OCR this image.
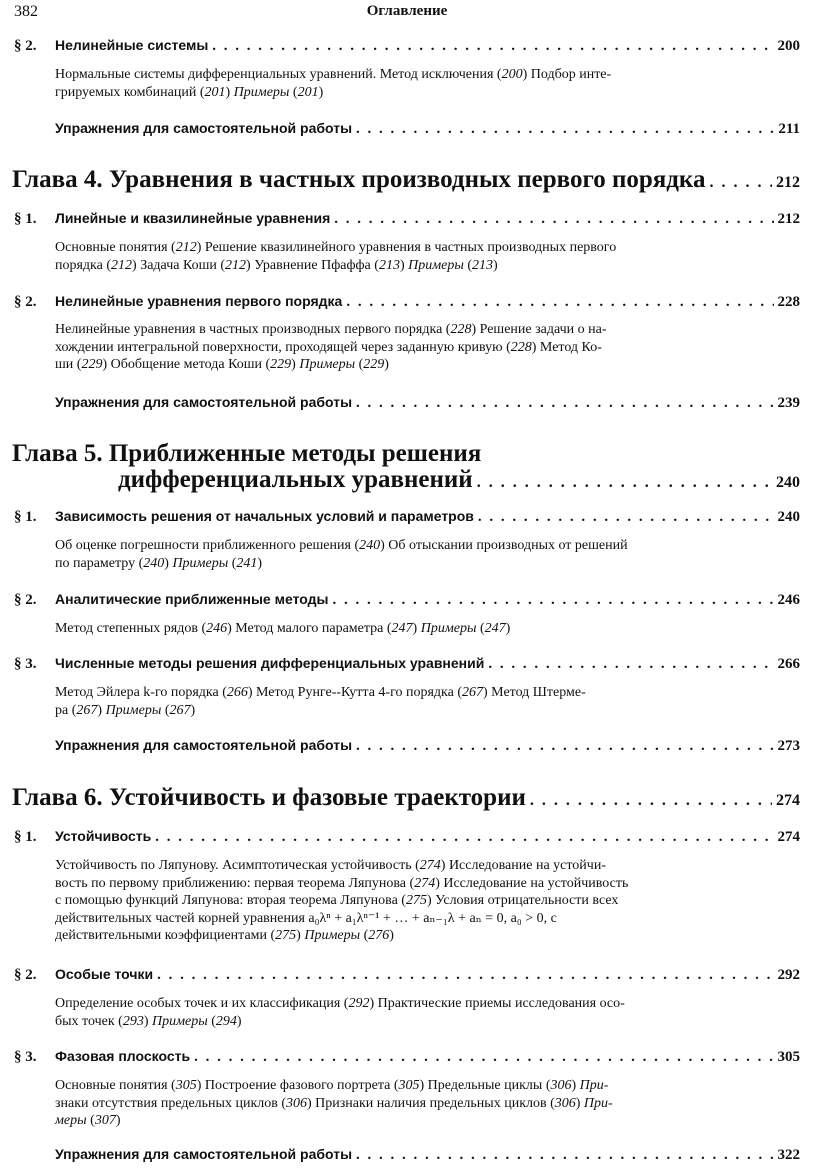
382	Оглавление
§ 2.	Нелинейные системы . . .	200
Нормальные системы дифференциальных уравнений. Метод исключения (200) Подбор инте-
грируемых комбинаций (201) Примеры (201)
Упражнения для самостоятельной работы . . .	211
Глава 4. Уравнения в частных производных первого порядка . . .	212
§ 1.	Линейные и квазилинейные уравнения . . .	212
Основные понятия (212) Решение квазилинейного уравнения в частных производных первого
порядка (212) Задача Коши (212) Уравнение Пфаффа (213) Примеры (213)
§ 2.	Нелинейные уравнения первого порядка . . .	228
Нелинейные уравнения в частных производных первого порядка (228) Решение задачи о на-
хождении интегральной поверхности, проходящей через заданную кривую (228) Метод Ко-
ши (229) Обобщение метода Коши (229) Примеры (229)
Упражнения для самостоятельной работы . . .	239
Глава 5. Приближенные методы решения
дифференциальных уравнений . . .	240
§ 1.	Зависимость решения от начальных условий и параметров . . .	240
Об оценке погрешности приближенного решения (240) Об отыскании производных от решений
по параметру (240) Примеры (241)
§ 2.	Аналитические приближенные методы . . .	246
Метод степенных рядов (246) Метод малого параметра (247) Примеры (247)
§ 3.	Численные методы решения дифференциальных уравнений . . .	266
Метод Эйлера k-го порядка (266) Метод Рунге--Кутта 4-го порядка (267) Метод Штерме-
ра (267) Примеры (267)
Упражнения для самостоятельной работы . . .	273
Глава 6. Устойчивость и фазовые траектории . . .	274
§ 1.	Устойчивость . . .	274
Устойчивость по Ляпунову. Асимптотическая устойчивость (274) Исследование на устойчи-
вость по первому приближению: первая теорема Ляпунова (274) Исследование на устойчивость
с помощью функций Ляпунова: вторая теорема Ляпунова (275) Условия отрицательности всех
действительных частей корней уравнения a₀λⁿ + a₁λⁿ⁻¹ + … + aₙ₋₁λ + aₙ = 0, a₀ > 0, с
действительными коэффициентами (275) Примеры (276)
§ 2.	Особые точки . . .	292
Определение особых точек и их классификация (292) Практические приемы исследования осо-
бых точек (293) Примеры (294)
§ 3.	Фазовая плоскость . . .	305
Основные понятия (305) Построение фазового портрета (305) Предельные циклы (306) При-
знаки отсутствия предельных циклов (306) Признаки наличия предельных циклов (306) При-
меры (307)
Упражнения для самостоятельной работы . . .	322
